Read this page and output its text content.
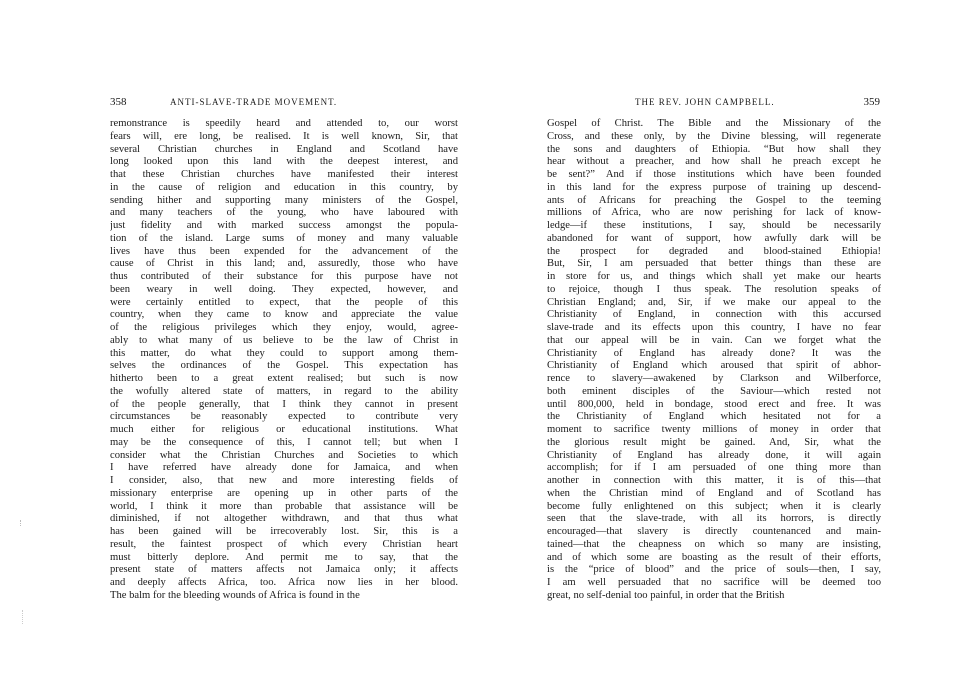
358	ANTI-SLAVE-TRADE MOVEMENT.
remonstrance is speedily heard and attended to, our worst
fears will, ere long, be realised. It is well known, Sir, that
several Christian churches in England and Scotland have
long looked upon this land with the deepest interest, and
that these Christian churches have manifested their interest
in the cause of religion and education in this country, by
sending hither and supporting many ministers of the Gospel,
and many teachers of the young, who have laboured with
just fidelity and with marked success amongst the popula-
tion of the island. Large sums of money and many valuable
lives have thus been expended for the advancement of the
cause of Christ in this land; and, assuredly, those who have
thus contributed of their substance for this purpose have not
been weary in well doing. They expected, however, and
were certainly entitled to expect, that the people of this
country, when they came to know and appreciate the value
of the religious privileges which they enjoy, would, agree-
ably to what many of us believe to be the law of Christ in
this matter, do what they could to support among them-
selves the ordinances of the Gospel. This expectation has
hitherto been to a great extent realised; but such is now
the wofully altered state of matters, in regard to the ability
of the people generally, that I think they cannot in present
circumstances be reasonably expected to contribute very
much either for religious or educational institutions. What
may be the consequence of this, I cannot tell; but when I
consider what the Christian Churches and Societies to which
I have referred have already done for Jamaica, and when
I consider, also, that new and more interesting fields of
missionary enterprise are opening up in other parts of the
world, I think it more than probable that assistance will be
diminished, if not altogether withdrawn, and that thus what
has been gained will be irrecoverably lost. Sir, this is a
result, the faintest prospect of which every Christian heart
must bitterly deplore. And permit me to say, that the
present state of matters affects not Jamaica only; it affects
and deeply affects Africa, too. Africa now lies in her blood.
The balm for the bleeding wounds of Africa is found in the
THE REV. JOHN CAMPBELL.	359
Gospel of Christ. The Bible and the Missionary of the
Cross, and these only, by the Divine blessing, will regenerate
the sons and daughters of Ethiopia. “But how shall they
hear without a preacher, and how shall he preach except he
be sent?” And if those institutions which have been founded
in this land for the express purpose of training up descend-
ants of Africans for preaching the Gospel to the teeming
millions of Africa, who are now perishing for lack of know-
ledge—if these institutions, I say, should be necessarily
abandoned for want of support, how awfully dark will be
the prospect for degraded and blood-stained Ethiopia!
But, Sir, I am persuaded that better things than these are
in store for us, and things which shall yet make our hearts
to rejoice, though I thus speak. The resolution speaks of
Christian England; and, Sir, if we make our appeal to the
Christianity of England, in connection with this accursed
slave-trade and its effects upon this country, I have no fear
that our appeal will be in vain. Can we forget what the
Christianity of England has already done? It was the
Christianity of England which aroused that spirit of abhor-
rence to slavery—awakened by Clarkson and Wilberforce,
both eminent disciples of the Saviour—which rested not
until 800,000, held in bondage, stood erect and free. It was
the Christianity of England which hesitated not for a
moment to sacrifice twenty millions of money in order that
the glorious result might be gained. And, Sir, what the
Christianity of England has already done, it will again
accomplish; for if I am persuaded of one thing more than
another in connection with this matter, it is of this—that
when the Christian mind of England and of Scotland has
become fully enlightened on this subject; when it is clearly
seen that the slave-trade, with all its horrors, is directly
encouraged—that slavery is directly countenanced and main-
tained—that the cheapness on which so many are insisting,
and of which some are boasting as the result of their efforts,
is the “price of blood” and the price of souls—then, I say,
I am well persuaded that no sacrifice will be deemed too
great, no self-denial too painful, in order that the British
